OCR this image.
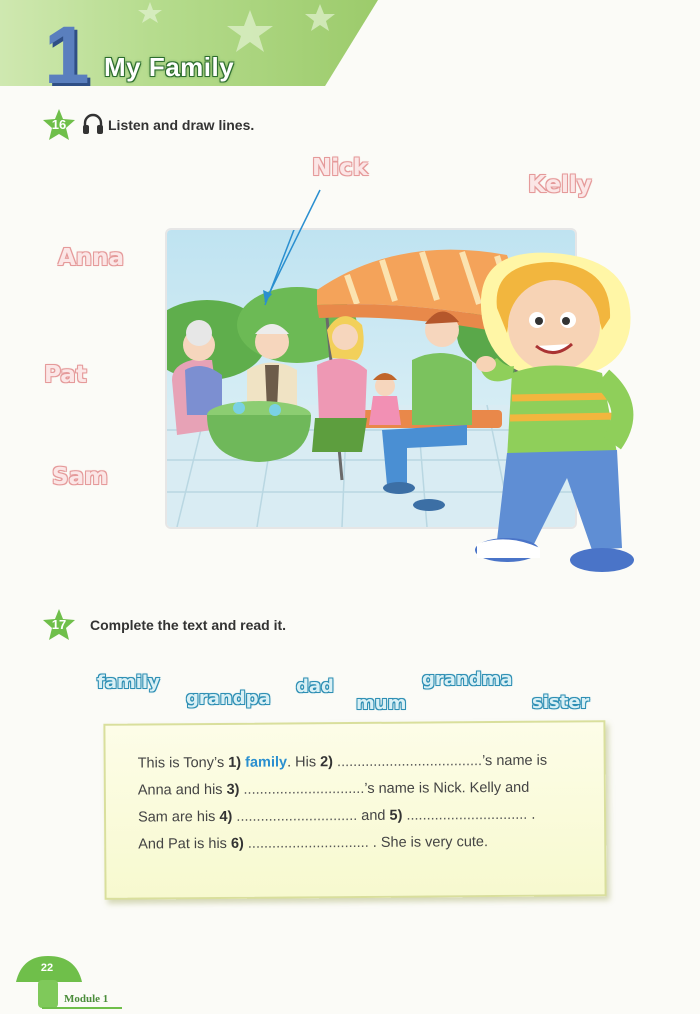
1 My Family
16	Listen and draw lines.
Nick
Kelly
Anna
Pat
Sam
17	Complete the text and read it.
family
grandpa
dad
mum
grandma
sister
This is Tony’s 1) family. His 2) ....................................’s name is
Anna and his 3) ..............................’s name is Nick. Kelly and
Sam are his 4) .............................. and 5) .............................. .
And Pat is his 6) .............................. . She is very cute.
22
Module 1
